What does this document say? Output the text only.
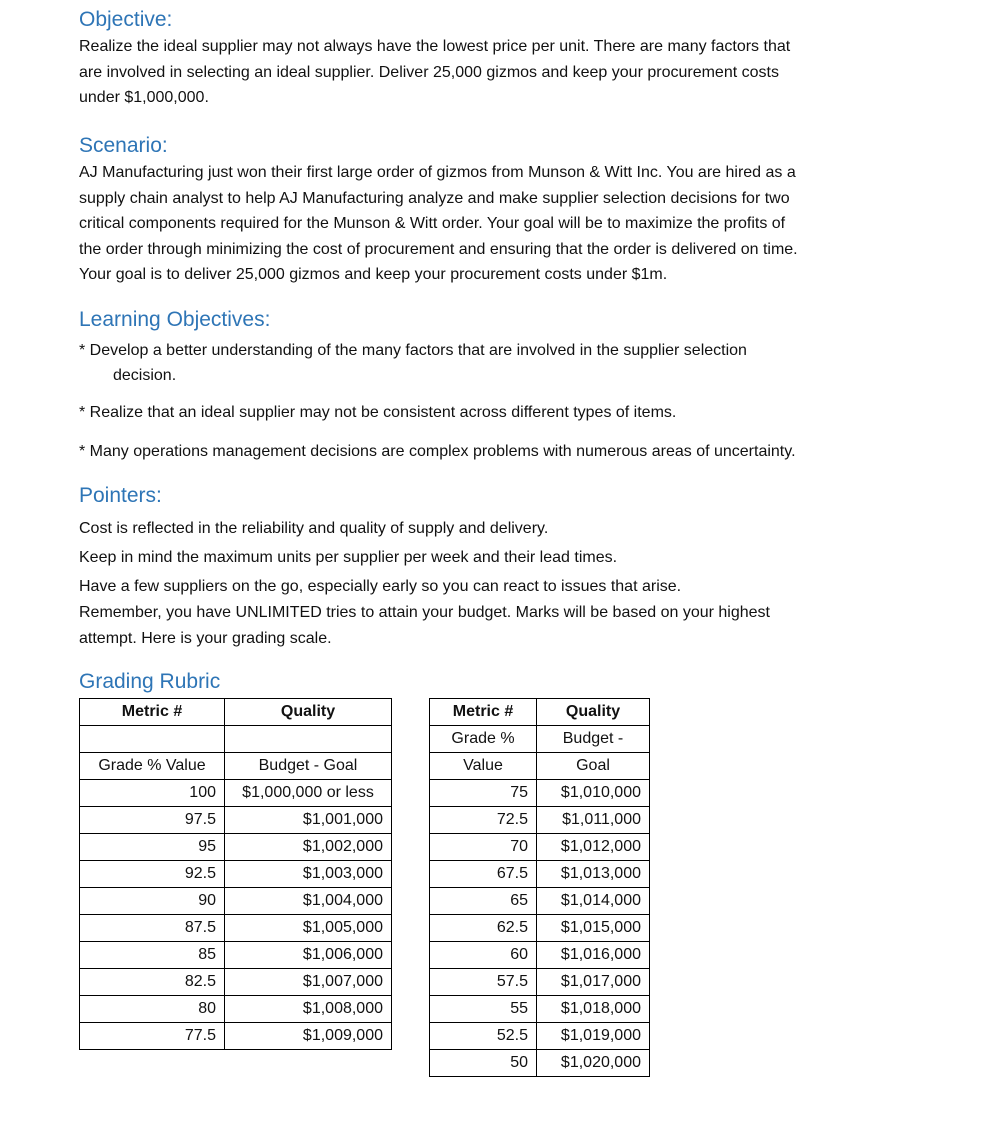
Objective:

Realize the ideal supplier may not always have the lowest price per unit. There are many factors that
are involved in selecting an ideal supplier. Deliver 25,000 gizmos and keep your procurement costs
under $1,000,000.

Scenario:

AJ Manufacturing just won their first large order of gizmos from Munson & Witt Inc. You are hired as a
supply chain analyst to help AJ Manufacturing analyze and make supplier selection decisions for two
critical components required for the Munson & Witt order. Your goal will be to maximize the profits of
the order through minimizing the cost of procurement and ensuring that the order is delivered on time.
Your goal is to deliver 25,000 gizmos and keep your procurement costs under $1m.

Learning Objectives:

* Develop a better understanding of the many factors that are involved in the supplier selection
decision.

* Realize that an ideal supplier may not be consistent across different types of items.

* Many operations management decisions are complex problems with numerous areas of uncertainty.

Pointers:

Cost is reflected in the reliability and quality of supply and delivery.

Keep in mind the maximum units per supplier per week and their lead times.

Have a few suppliers on the go, especially early so you can react to issues that arise.

Remember, you have UNLIMITED tries to attain your budget. Marks will be based on your highest

attempt. Here is your grading scale.

Grading Rubric
Metric #	Quality

Grade % Value	Budget - Goal
100	$1,000,000 or less
97.5	$1,001,000
95	$1,002,000
92.5	$1,003,000
90	$1,004,000
87.5	$1,005,000
85	$1,006,000
82.5	$1,007,000
80	$1,008,000
77.5	$1,009,000
Metric #	Quality
Grade %	Budget -
Value	Goal
75	$1,010,000
72.5	$1,011,000
70	$1,012,000
67.5	$1,013,000
65	$1,014,000
62.5	$1,015,000
60	$1,016,000
57.5	$1,017,000
55	$1,018,000
52.5	$1,019,000
50	$1,020,000
